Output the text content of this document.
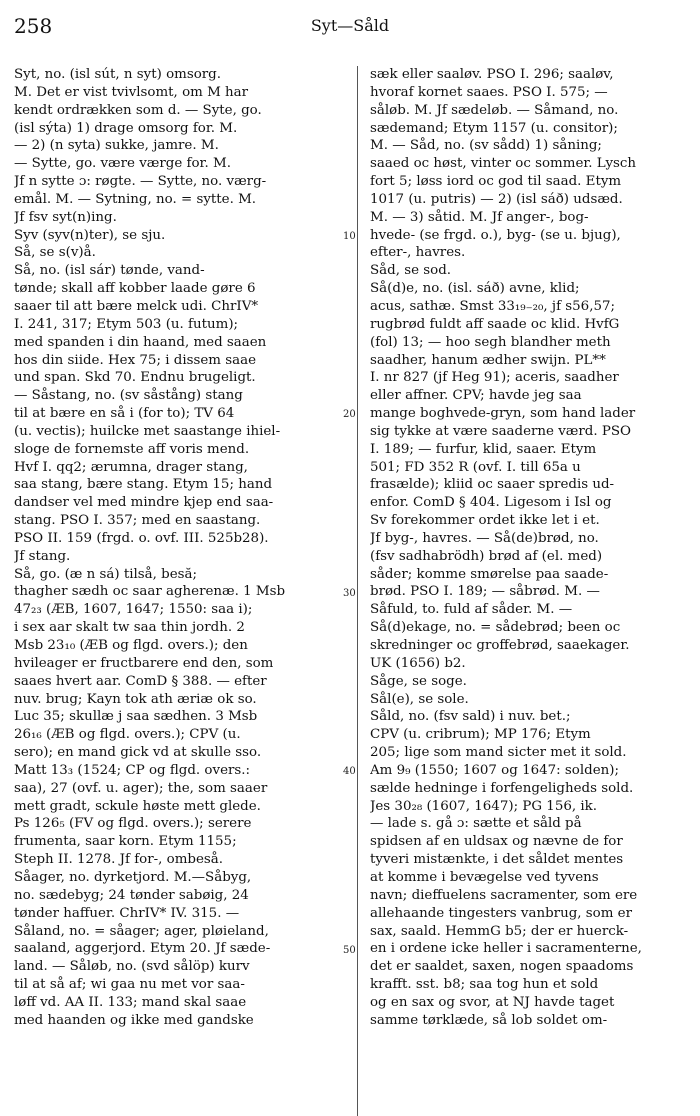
258	Syt—Såld
Syt, no. (isl sút, n syt) omsorg.
M. Det er vist tvivlsomt, om M har
kendt ordrækken som d. — Syte, go.
(isl sýta) 1) drage omsorg for. M.
— 2) (n syta) sukke, jamre. M.
— Sytte, go. være værge for. M.
Jf n sytte ɔ: røgte. — Sytte, no. værg-
emål. M. — Sytning, no. = sytte. M.
Jf fsv syt(n)ing.
Syv (syv(n)ter), se sju.
Så, se s(v)å.
Så, no. (isl sár) tønde, vand-
tønde; skall aff kobber laade gøre 6
saaer til att bære melck udi. ChrIV*
I. 241, 317; Etym 503 (u. futum);
med spanden i din haand, med saaen
hos din siide. Hex 75; i dissem saae
und span. Skd 70. Endnu brugeligt.
— Såstang, no. (sv såstång) stang
til at bære en så i (for to); TV 64
(u. vectis); huilcke met saastange ihiel-
sloge de fornemste aff voris mend.
Hvf I. qq2; ærumna, drager stang,
saa stang, bære stang. Etym 15; hand
dandser vel med mindre kjep end saa-
stang. PSO I. 357; med en saastang.
PSO II. 159 (frgd. o. ovf. III. 525b28).
Jf stang.
Så, go. (æ n sá) tilså, besă;
thagher sædh oc saar agherenæ. 1 Msb
47₂₃ (ÆB, 1607, 1647; 1550: saa i);
i sex aar skalt tw saa thin jordh. 2
Msb 23₁₀ (ÆB og flgd. overs.); den
hvileager er fructbarere end den, som
saaes hvert aar. ComD § 388. — efter
nuv. brug; Kayn tok ath æriæ ok so.
Luc 35; skullæ j saa sædhen. 3 Msb
26₁₆ (ÆB og flgd. overs.); CPV (u.
sero); en mand gick vd at skulle sso.
Matt 13₃ (1524; CP og flgd. overs.:
saa), 27 (ovf. u. ager); the, som saaer
mett gradt, sckule høste mett glede.
Ps 126₅ (FV og flgd. overs.); serere
frumenta, saar korn. Etym 1155;
Steph II. 1278. Jf for-, ombeså.
Såager, no. dyrketjord. M.—Såbyg,
no. sædebyg; 24 tønder sabøig, 24
tønder haffuer. ChrIV* IV. 315. —
Såland, no. = såager; ager, pløieland,
saaland, aggerjord. Etym 20. Jf sæde-
land. — Såløb, no. (svd sålöp) kurv
til at så af; wi gaa nu met vor saa-
løff vd. AA II. 133; mand skal saae
med haanden og ikke med gandske
sæk eller saaløv. PSO I. 296; saaløv,
hvoraf kornet saaes. PSO I. 575; —
såløb. M. Jf sædeløb. — Såmand, no.
sædemand; Etym 1157 (u. consitor);
M. — Såd, no. (sv sådd) 1) såning;
saaed oc høst, vinter oc sommer. Lysch
fort 5; løss iord oc god til saad. Etym
1017 (u. putris) — 2) (isl sáð) udsæd.
M. — 3) såtid. M. Jf anger-, bog-
hvede- (se frgd. o.), byg- (se u. bjug),
efter-, havres.
Såd, se sod.
Så(d)e, no. (isl. sáð) avne, klid;
acus, sathæ. Smst 33₁₉₋₂₀, jf s56,57;
rugbrød fuldt aff saade oc klid. HvfG
(fol) 13; — hoo segh blandher meth
saadher, hanum ædher swijn. PL**
I. nr 827 (jf Heg 91); aceris, saadher
eller affner. CPV; havde jeg saa
mange boghvede-gryn, som hand lader
sig tykke at være saaderne værd. PSO
I. 189; — furfur, klid, saaer. Etym
501; FD 352 R (ovf. I. till 65a u
frasælde); kliid oc saaer spredis ud-
enfor. ComD § 404. Ligesom i Isl og
Sv forekommer ordet ikke let i et.
Jf byg-, havres. — Så(de)brød, no.
(fsv sadhabrödh) brød af (el. med)
såder; komme smørelse paa saade-
brød. PSO I. 189; — såbrød. M. —
Såfuld, to. fuld af såder. M. —
Så(d)ekage, no. = sådebrød; been oc
skredninger oc groffebrød, saaekager.
UK (1656) b2.
Såge, se soge.
Sål(e), se sole.
Såld, no. (fsv sald) i nuv. bet.;
CPV (u. cribrum); MP 176; Etym
205; lige som mand sicter met it sold.
Am 9₉ (1550; 1607 og 1647: solden);
sælde hedninge i forfengeligheds sold.
Jes 30₂₈ (1607, 1647); PG 156, ik.
— lade s. gå ɔ: sætte et såld på
spidsen af en uldsax og nævne de for
tyveri mistænkte, i det såldet mentes
at komme i bevægelse ved tyvens
navn; dieffuelens sacramenter, som ere
allehaande tingesters vanbrug, som er
sax, saald. HemmG b5; der er huerck-
en i ordene icke heller i sacramenterne,
det er saaldet, saxen, nogen spaadoms
krafft. sst. b8; saa tog hun et sold
og en sax og svor, at NJ havde taget
samme tørklæde, så lob soldet om-
10
20
30
40
50
